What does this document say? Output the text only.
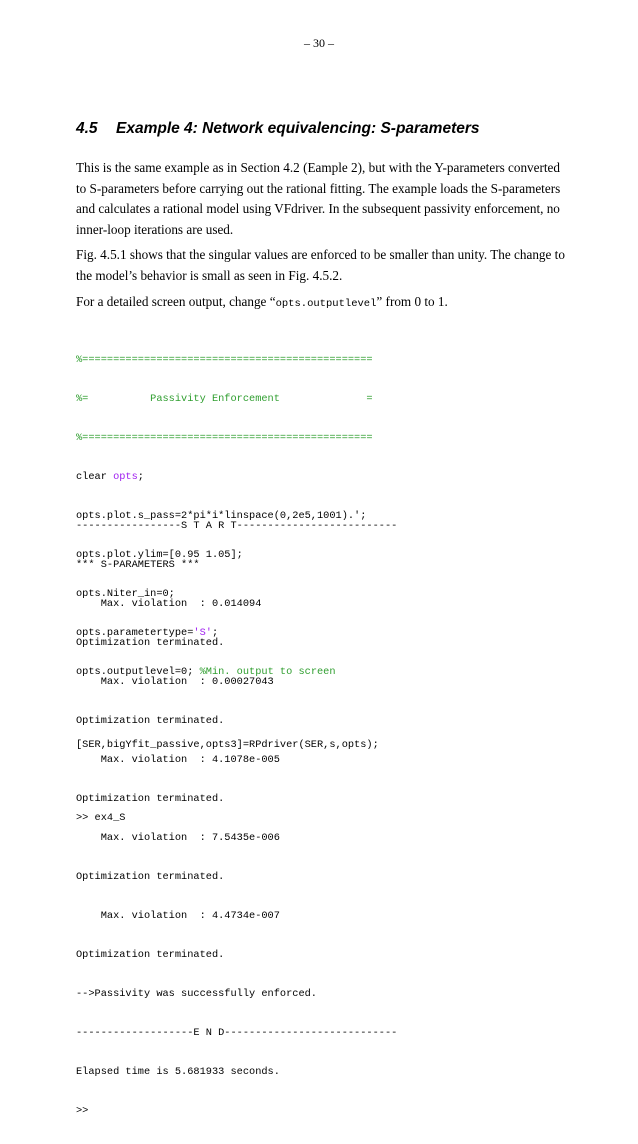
– 30 –
4.5 Example 4: Network equivalencing: S-parameters
This is the same example as in Section 4.2 (Eample 2), but with the Y-parameters converted
to S-parameters before carrying out the rational fitting. The example loads the S-parameters
and calculates a rational model using VFdriver. In the subsequent passivity enforcement, no
inner-loop iterations are used.
Fig. 4.5.1 shows that the singular values are enforced to be smaller than unity. The change to
the model’s behavior is small as seen in Fig. 4.5.2.
For a detailed screen output, change “opts.outputlevel” from 0 to 1.

%===============================================

%=          Passivity Enforcement              =

%===============================================

clear opts;

opts.plot.s_pass=2*pi*i*linspace(0,2e5,1001).';

opts.plot.ylim=[0.95 1.05];

opts.Niter_in=0;

opts.parametertype='S';

opts.outputlevel=0; %Min. output to screen

[SER,bigYfit_passive,opts3]=RPdriver(SER,s,opts);

>> ex4_S

-----------------S T A R T--------------------------

*** S-PARAMETERS ***

Max. violation  : 0.014094

Optimization terminated.

Max. violation  : 0.00027043

Optimization terminated.

Max. violation  : 4.1078e-005

Optimization terminated.

Max. violation  : 7.5435e-006

Optimization terminated.

Max. violation  : 4.4734e-007

Optimization terminated.

-->Passivity was successfully enforced.

-------------------E N D----------------------------

Elapsed time is 5.681933 seconds.

>>
